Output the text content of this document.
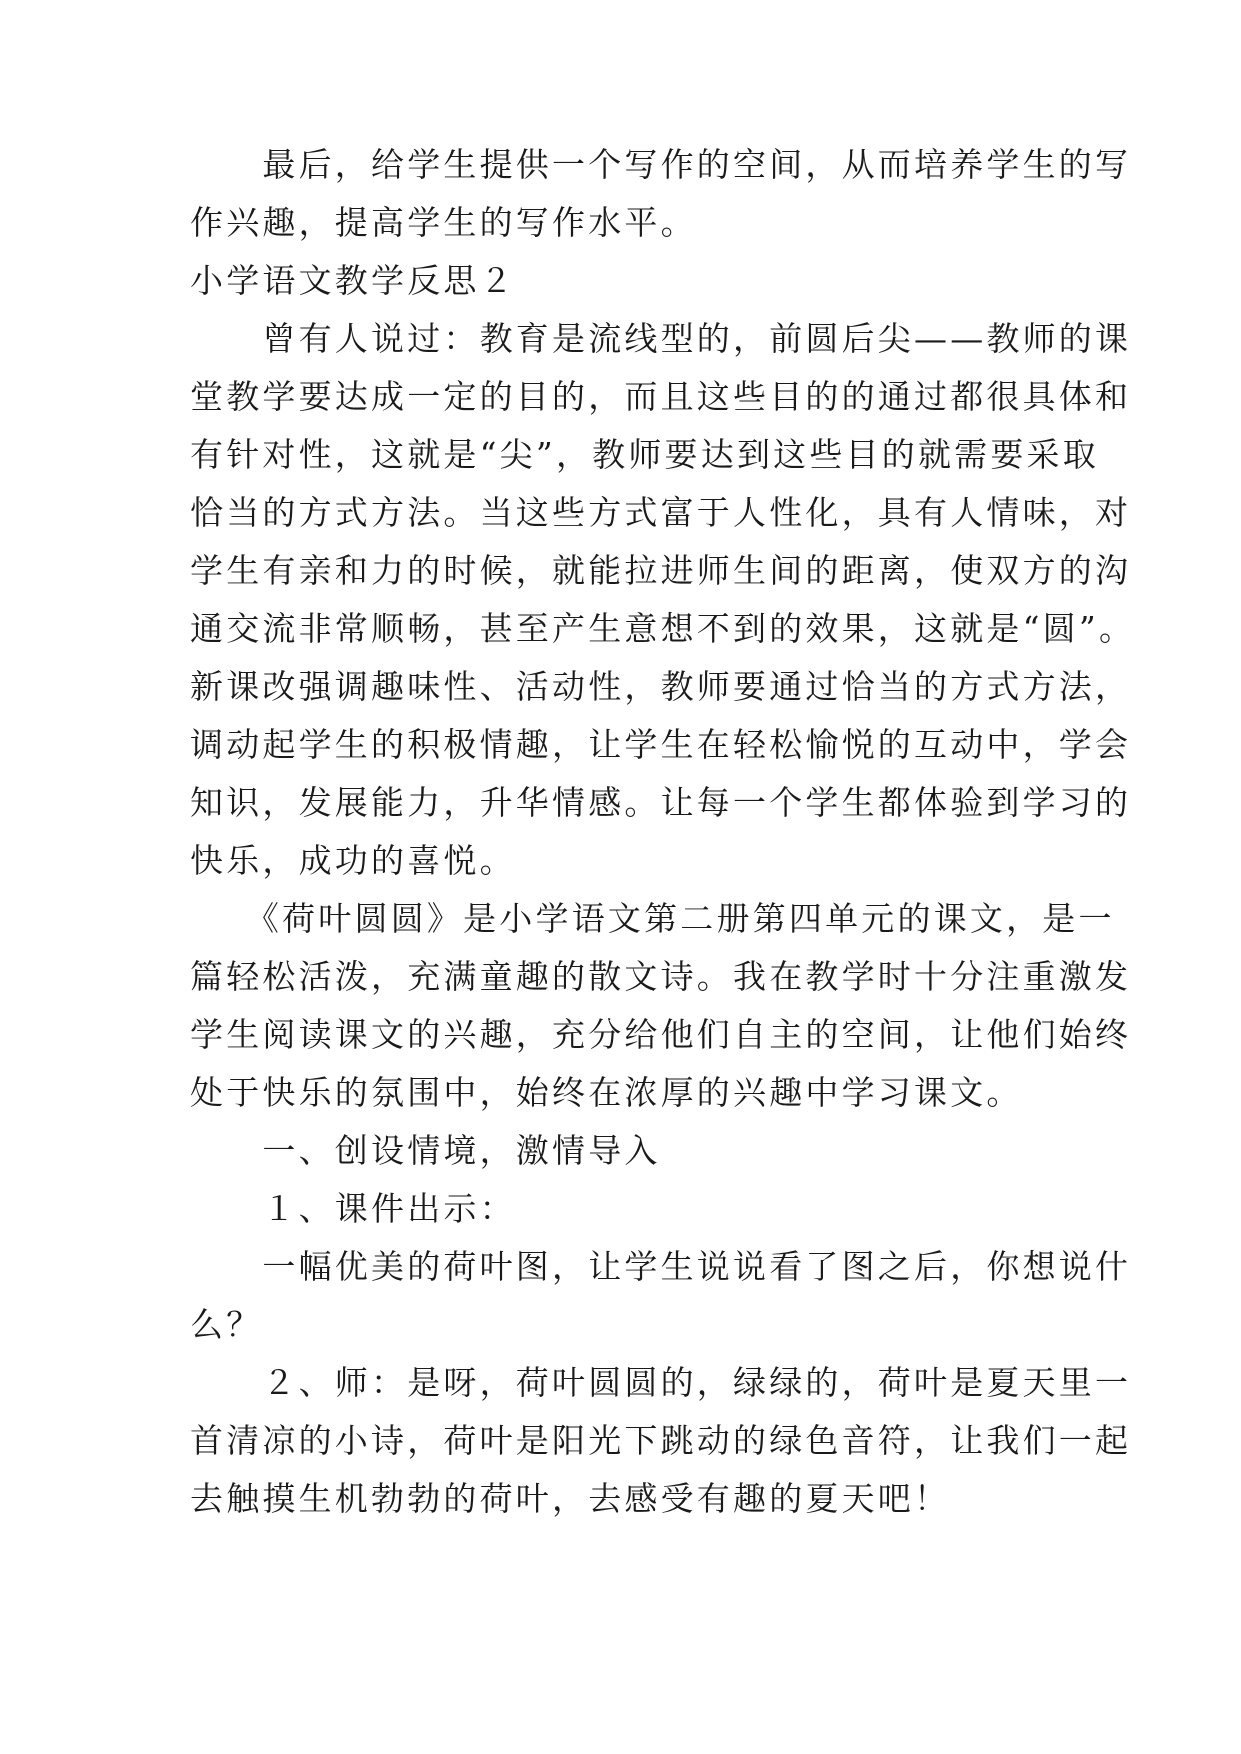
　　最后，给学生提供一个写作的空间，从而培养学生的写
作兴趣，提高学生的写作水平。
小学语文教学反思２
　　曾有人说过：教育是流线型的，前圆后尖——教师的课
堂教学要达成一定的目的，而且这些目的的通过都很具体和
有针对性，这就是“尖”，教师要达到这些目的就需要采取
恰当的方式方法。当这些方式富于人性化，具有人情味，对
学生有亲和力的时候，就能拉进师生间的距离，使双方的沟
通交流非常顺畅，甚至产生意想不到的效果，这就是“圆”。
新课改强调趣味性、活动性，教师要通过恰当的方式方法，
调动起学生的积极情趣，让学生在轻松愉悦的互动中，学会
知识，发展能力，升华情感。让每一个学生都体验到学习的
快乐，成功的喜悦。
　　《荷叶圆圆》是小学语文第二册第四单元的课文，是一
篇轻松活泼，充满童趣的散文诗。我在教学时十分注重激发
学生阅读课文的兴趣，充分给他们自主的空间，让他们始终
处于快乐的氛围中，始终在浓厚的兴趣中学习课文。
　　一、创设情境，激情导入
　　１、课件出示：
　　一幅优美的荷叶图，让学生说说看了图之后，你想说什
么？
　　２、师：是呀，荷叶圆圆的，绿绿的，荷叶是夏天里一
首清凉的小诗，荷叶是阳光下跳动的绿色音符，让我们一起
去触摸生机勃勃的荷叶，去感受有趣的夏天吧！
